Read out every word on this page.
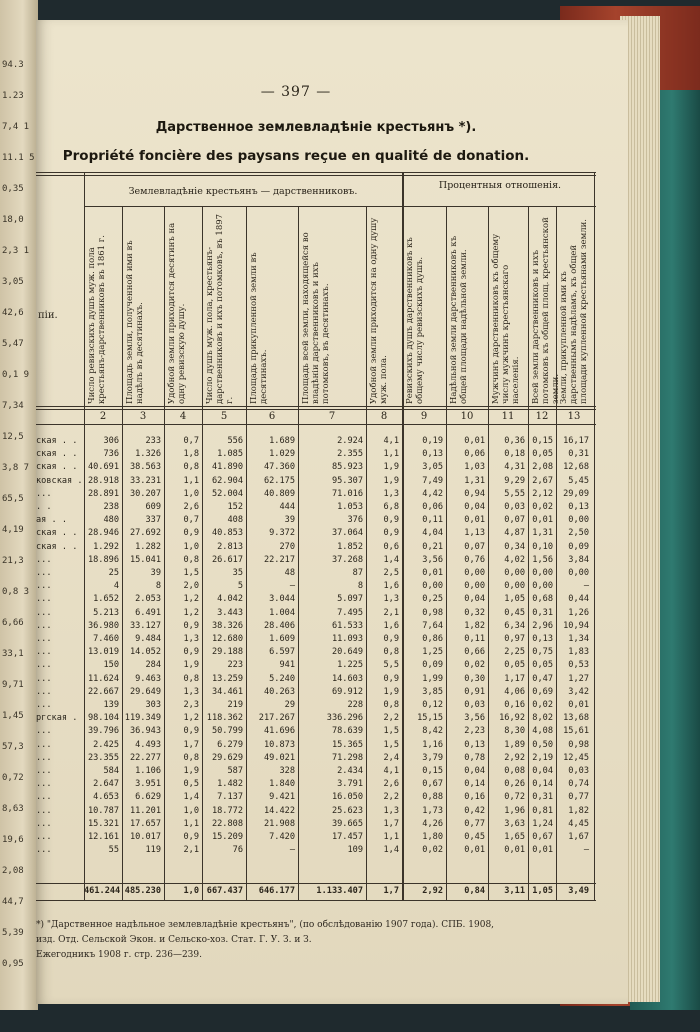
94.3
1.23
7,4 1
11.1 5
0,35
18,0
2,3 1
3,05
42,6
5,47
0,1 9
7,34
12,5
3,8 7
65,5
4,19
21,3
0,8 3
6,66
33,1
9,71
1,45
57,3
0,72
8,63
19,6
2,08
44,7
5,39
0,95
— 397 —
Дарственное землевладѣніе крестьянъ *).
Propriété foncière des paysans reçue en qualité de donation.
Землевладѣніе крестьянъ — дарственниковъ.
Процентныя отношенія.
піи.	Число ревизскихъ душъ муж. пола крестьянъ-дарственниковъ въ 1861 г.	Площадь земли, полученной ими въ надѣлъ въ десятинахъ.	Удобной земли приходится десятинъ на одну ревизскую душу.	Число душъ муж. пола, крестьянъ-дарственниковъ и ихъ потомковъ, въ 1897 г.	Площадь прикупленной земли въ десятинахъ.	Площадь всей земли, находящейся во владѣніи дарственниковъ и ихъ потомковъ, въ десятинахъ.	Удобной земли приходится на одну душу муж. пола.	Ревизскихъ душъ дарственниковъ къ общему числу ревизскихъ душъ.	Надѣльной земли дарственниковъ къ общей площади надѣльной земли.	Мужчинъ дарственниковъ къ общему числу мужчинъ крестьянскаго населенія.	Всей земли дарственниковъ и ихъ потомковъ къ общей площ. крестьянской земли.
Земли, прикупленной ими къ дарственнымъ надѣламъ, къ общей площади купленной крестьянами земли.
2	3	4	5	6	7	8	9	10	11	12	13
ская . .	306	233	0,7	556	1.689	2.924	4,1	0,19	0,01	0,36 0,15	16,17
ская . .	736	1.326	1,8	1.085	1.029	2.355	1,1	0,13	0,06	0,18 0,05	0,31
ская . .	40.691	38.563	0,8	41.890	47.360	85.923	1,9	3,05	1,03	4,31 2,08	12,68
ковская . 28.918	33.231	1,1	62.904	62.175	95.307	1,9	7,49	1,31	9,29 2,67	5,45
...	28.891	30.207	1,0	52.004	40.809	71.016	1,3	4,42	0,94	5,55 2,12	29,09
. .	238	609	2,6	152	444	1.053	6,8	0,06	0,04	0,03 0,02	0,13
ая . .	480	337	0,7	408	39	376	0,9	0,11	0,01	0,07 0,01	0,00
ская . .	28.946	27.692	0,9	40.853	9.372	37.064	0,9	4,04	1,13	4,87 1,31	2,50
ская . .	1.292	1.282	1,0	2.813	270	1.852	0,6	0,21	0,07	0,34 0,10	0,09
...	18.896	15.041	0,8	26.617	22.217	37.268	1,4	3,56	0,76	4,02 1,56	3,84
...	25	39	1,5	35	48	87	2,5	0,01	0,00	0,00 0,00	0,00
...	4	8	2,0	5	—	8	1,6	0,00	0,00	0,00 0,00	—
...	1.652	2.053	1,2	4.042	3.044	5.097	1,3	0,25	0,04	1,05 0,68	0,44
...	5.213	6.491	1,2	3.443	1.004	7.495	2,1	0,98	0,32	0,45 0,31	1,26
...	36.980	33.127	0,9	38.326	28.406	61.533	1,6	7,64	1,82	6,34 2,96	10,94
...	7.460	9.484	1,3	12.680	1.609	11.093	0,9	0,86	0,11	0,97 0,13	1,34
...	13.019	14.052	0,9	29.188	6.597	20.649	0,8	1,25	0,66	2,25 0,75	1,83
...	150	284	1,9	223	941	1.225	5,5	0,09	0,02	0,05 0,05	0,53
...	11.624	9.463	0,8	13.259	5.240	14.603	0,9	1,99	0,30	1,17 0,47	1,27
...	22.667	29.649	1,3	34.461	40.263	69.912	1,9	3,85	0,91	4,06 0,69	3,42
...	139	303	2,3	219	29	228	0,8	0,12	0,03	0,16 0,02	0,01
ргская .	98.104 119.349	1,2 118.362	217.267	336.296	2,2	15,15	3,56	16,92 8,02	13,68
...	39.796	36.943	0,9	50.799	41.696	78.639	1,5	8,42	2,23	8,30 4,08	15,61
...	2.425	4.493	1,7	6.279	10.873	15.365	1,5	1,16	0,13	1,89 0,50	0,98
...	23.355	22.277	0,8	29.629	49.021	71.298	2,4	3,79	0,78	2,92 2,19	12,45
...	584	1.106	1,9	587	328	2.434	4,1	0,15	0,04	0,08 0,04	0,03
...	2.647	3.951	0,5	1.482	1.840	3.791	2,6	0,67	0,14	0,26 0,14	0,74
...	4.653	6.629	1,4	7.137	9.421	16.050	2,2	0,88	0,16	0,72 0,31	0,77
...	10.787	11.201	1,0	18.772	14.422	25.623	1,3	1,73	0,42	1,96 0,81	1,82
...	15.321	17.657	1,1	22.808	21.908	39.665	1,7	4,26	0,77	3,63 1,24	4,45
...	12.161	10.017	0,9	15.209	7.420	17.457	1,1	1,80	0,45	1,65 0,67	1,67
...	55	119	2,1	76	—	109	1,4	0,02	0,01	0,01 0,01	—
461.244 485.230	1,0 667.437	646.177	1.133.407	1,7	2,92	0,84	3,11 1,05	3,49
*) "Дарственное надѣльное землевладѣніе крестьянъ", (по обслѣдованію 1907 года). СПБ. 1908,
изд. Отд. Сельской Экон. и Сельско-хоз. Стат. Г. У. З. и З.
Ежегодникъ 1908 г. стр. 236—239.
